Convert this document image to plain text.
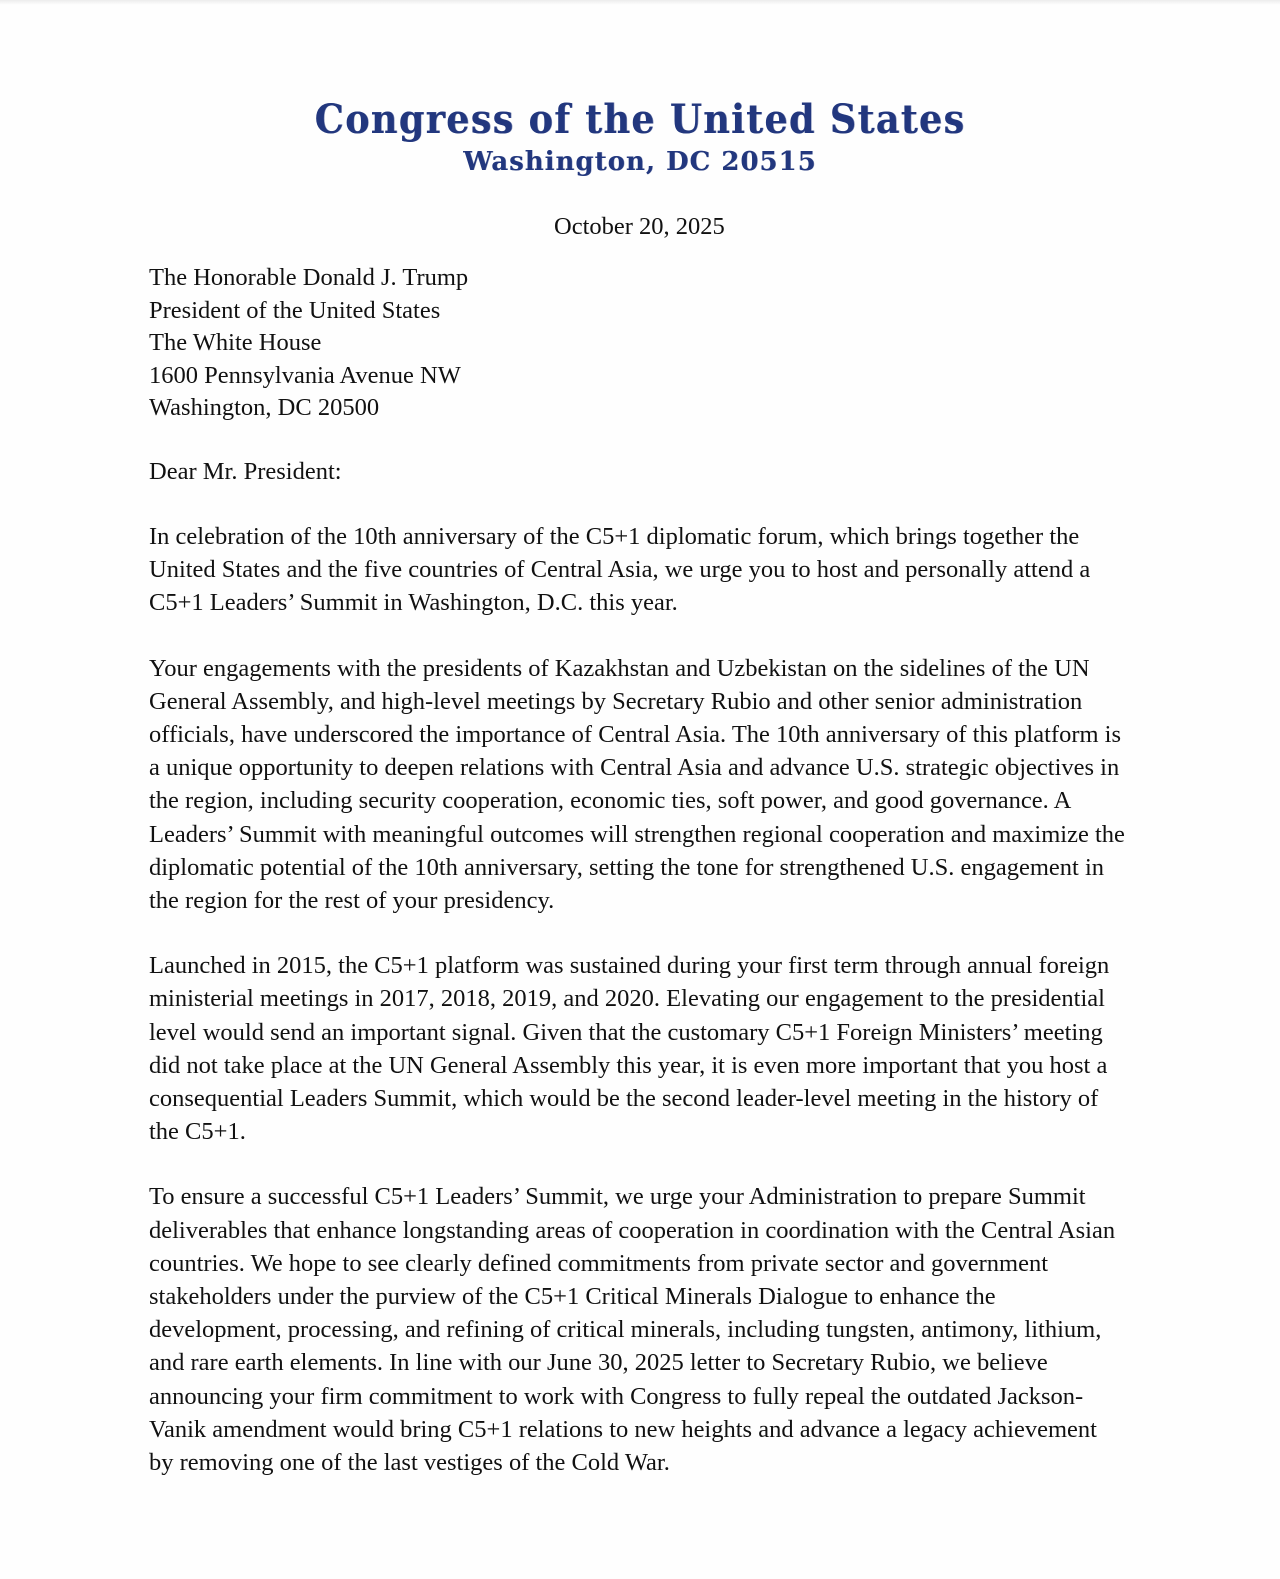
Congress of the United States
Washington, DC 20515
October 20, 2025
The Honorable Donald J. Trump
President of the United States
The White House
1600 Pennsylvania Avenue NW
Washington, DC 20500
Dear Mr. President:
In celebration of the 10th anniversary of the C5+1 diplomatic forum, which brings together the United States and the five countries of Central Asia, we urge you to host and personally attend a C5+1 Leaders’ Summit in Washington, D.C. this year.
Your engagements with the presidents of Kazakhstan and Uzbekistan on the sidelines of the UN General Assembly, and high-level meetings by Secretary Rubio and other senior administration officials, have underscored the importance of Central Asia. The 10th anniversary of this platform is a unique opportunity to deepen relations with Central Asia and advance U.S. strategic objectives in the region, including security cooperation, economic ties, soft power, and good governance. A Leaders’ Summit with meaningful outcomes will strengthen regional cooperation and maximize the diplomatic potential of the 10th anniversary, setting the tone for strengthened U.S. engagement in the region for the rest of your presidency.
Launched in 2015, the C5+1 platform was sustained during your first term through annual foreign ministerial meetings in 2017, 2018, 2019, and 2020. Elevating our engagement to the presidential level would send an important signal. Given that the customary C5+1 Foreign Ministers’ meeting did not take place at the UN General Assembly this year, it is even more important that you host a consequential Leaders Summit, which would be the second leader-level meeting in the history of the C5+1.
To ensure a successful C5+1 Leaders’ Summit, we urge your Administration to prepare Summit deliverables that enhance longstanding areas of cooperation in coordination with the Central Asian countries. We hope to see clearly defined commitments from private sector and government stakeholders under the purview of the C5+1 Critical Minerals Dialogue to enhance the development, processing, and refining of critical minerals, including tungsten, antimony, lithium, and rare earth elements. In line with our June 30, 2025 letter to Secretary Rubio, we believe announcing your firm commitment to work with Congress to fully repeal the outdated Jackson-Vanik amendment would bring C5+1 relations to new heights and advance a legacy achievement by removing one of the last vestiges of the Cold War.
